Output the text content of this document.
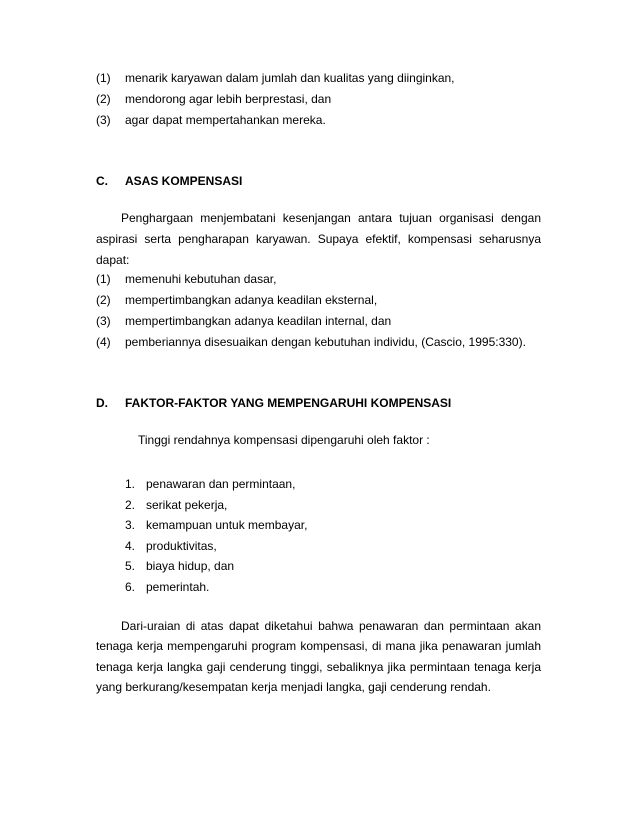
(1) menarik karyawan dalam jumlah dan kualitas yang diinginkan,
(2) mendorong agar lebih berprestasi, dan
(3) agar dapat mempertahankan mereka.
C. ASAS KOMPENSASI
Penghargaan menjembatani kesenjangan antara tujuan organisasi dengan
aspirasi serta pengharapan karyawan. Supaya efektif, kompensasi seharusnya
dapat:
(1) memenuhi kebutuhan dasar,
(2) mempertimbangkan adanya keadilan eksternal,
(3) mempertimbangkan adanya keadilan internal, dan
(4) pemberiannya disesuaikan dengan kebutuhan individu, (Cascio, 1995:330).
D. FAKTOR-FAKTOR YANG MEMPENGARUHI KOMPENSASI
Tinggi rendahnya kompensasi dipengaruhi oleh faktor :
1. penawaran dan permintaan,
2. serikat pekerja,
3. kemampuan untuk membayar,
4. produktivitas,
5. biaya hidup, dan
6. pemerintah.
Dari-uraian di atas dapat diketahui bahwa penawaran dan permintaan akan
tenaga kerja mempengaruhi program kompensasi, di mana jika penawaran jumlah
tenaga kerja langka gaji cenderung tinggi, sebaliknya jika permintaan tenaga kerja
yang berkurang/kesempatan kerja menjadi langka, gaji cenderung rendah.
